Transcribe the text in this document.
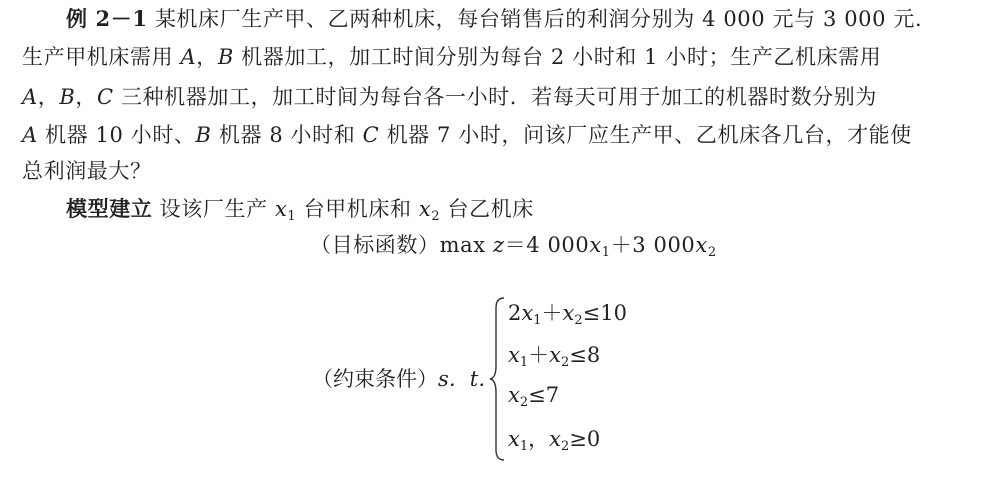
例 2－1 某机床厂生产甲、乙两种机床，每台销售后的利润分别为 4 000 元与 3 000 元．
生产甲机床需用 A，B 机器加工，加工时间分别为每台 2 小时和 1 小时；生产乙机床需用
A，B，C 三种机器加工，加工时间为每台各一小时．若每天可用于加工的机器时数分别为
A 机器 10 小时、B 机器 8 小时和 C 机器 7 小时，问该厂应生产甲、乙机床各几台，才能使
总利润最大？
模型建立 设该厂生产 $x_1$ 台甲机床和 $x_2$ 台乙机床
（目标函数）max z＝4 $000x_1+3$ $000x_2$
（约束条件）s．t．
$2x_1+x_2\le 10$
$x_1+x_2\le 8$
$x_2\le 7$
$x_1$，$x_2\ge 0$
